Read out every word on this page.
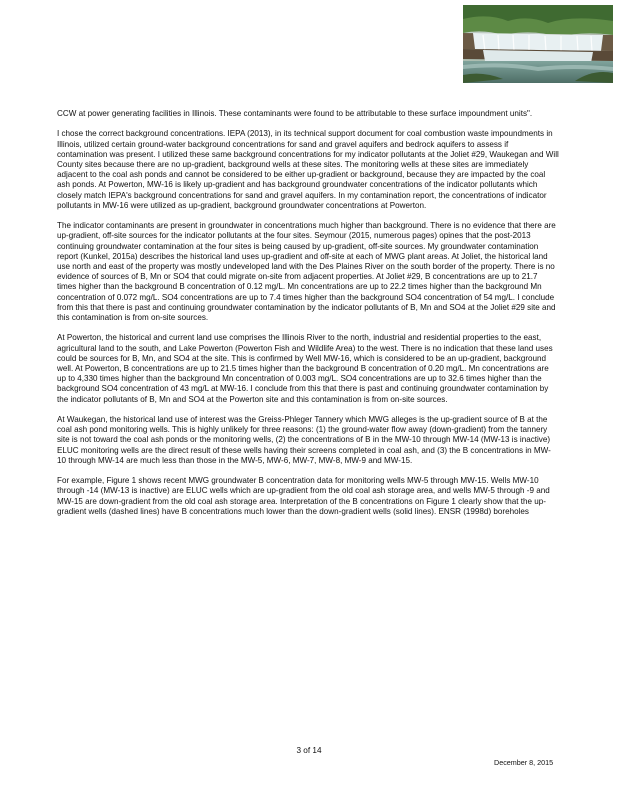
CCW at power generating facilities in Illinois. These contaminants were found to be attributable to these surface impoundment units".

I chose the correct background concentrations. IEPA (2013), in its technical support document for coal combustion waste impoundments in Illinois, utilized certain ground-water background concentrations for sand and gravel aquifers and bedrock aquifers to assess if contamination was present. I utilized these same background concentrations for my indicator pollutants at the Joliet #29, Waukegan and Will County sites because there are no up-gradient, background wells at these sites. The monitoring wells at these sites are immediately adjacent to the coal ash ponds and cannot be considered to be either up-gradient or background, because they are impacted by the coal ash ponds. At Powerton, MW-16 is likely up-gradient and has background groundwater concentrations of the indicator pollutants which closely match IEPA's background concentrations for sand and gravel aquifers. In my contamination report, the concentrations of indicator pollutants in MW-16 were utilized as up-gradient, background groundwater concentrations at Powerton.

The indicator contaminants are present in groundwater in concentrations much higher than background. There is no evidence that there are up-gradient, off-site sources for the indicator pollutants at the four sites. Seymour (2015, numerous pages) opines that the post-2013 continuing groundwater contamination at the four sites is being caused by up-gradient, off-site sources. My groundwater contamination report (Kunkel, 2015a) describes the historical land uses up-gradient and off-site at each of MWG plant areas. At Joliet, the historical land use north and east of the property was mostly undeveloped land with the Des Plaines River on the south border of the property. There is no evidence of sources of B, Mn or SO4 that could migrate on-site from adjacent properties. At Joliet #29, B concentrations are up to 21.7 times higher than the background B concentration of 0.12 mg/L. Mn concentrations are up to 22.2 times higher than the background Mn concentration of 0.072 mg/L. SO4 concentrations are up to 7.4 times higher than the background SO4 concentration of 54 mg/L. I conclude from this that there is past and continuing groundwater contamination by the indicator pollutants of B, Mn and SO4 at the Joliet #29 site and this contamination is from on-site sources.

At Powerton, the historical and current land use comprises the Illinois River to the north, industrial and residential properties to the east, agricultural land to the south, and Lake Powerton (Powerton Fish and Wildlife Area) to the west. There is no indication that these land uses could be sources for B, Mn, and SO4 at the site. This is confirmed by Well MW-16, which is considered to be an up-gradient, background well. At Powerton, B concentrations are up to 21.5 times higher than the background B concentration of 0.20 mg/L. Mn concentrations are up to 4,330 times higher than the background Mn concentration of 0.003 mg/L. SO4 concentrations are up to 32.6 times higher than the background SO4 concentration of 43 mg/L at MW-16. I conclude from this that there is past and continuing groundwater contamination by the indicator pollutants of B, Mn and SO4 at the Powerton site and this contamination is from on-site sources.

At Waukegan, the historical land use of interest was the Greiss-Phleger Tannery which MWG alleges is the up-gradient source of B at the coal ash pond monitoring wells. This is highly unlikely for three reasons: (1) the ground-water flow away (down-gradient) from the tannery site is not toward the coal ash ponds or the monitoring wells, (2) the concentrations of B in the MW-10 through MW-14 (MW-13 is inactive) ELUC monitoring wells are the direct result of these wells having their screens completed in coal ash, and (3) the B concentrations in MW-10 through MW-14 are much less than those in the MW-5, MW-6, MW-7, MW-8, MW-9 and MW-15.

For example, Figure 1 shows recent MWG groundwater B concentration data for monitoring wells MW-5 through MW-15. Wells MW-10 through -14 (MW-13 is inactive) are ELUC wells which are up-gradient from the old coal ash storage area, and wells MW-5 through -9 and MW-15 are down-gradient from the old coal ash storage area. Interpretation of the B concentrations on Figure 1 clearly show that the up-gradient wells (dashed lines) have B concentrations much lower than the down-gradient wells (solid lines). ENSR (1998d) boreholes

3 of 14
December 8, 2015
